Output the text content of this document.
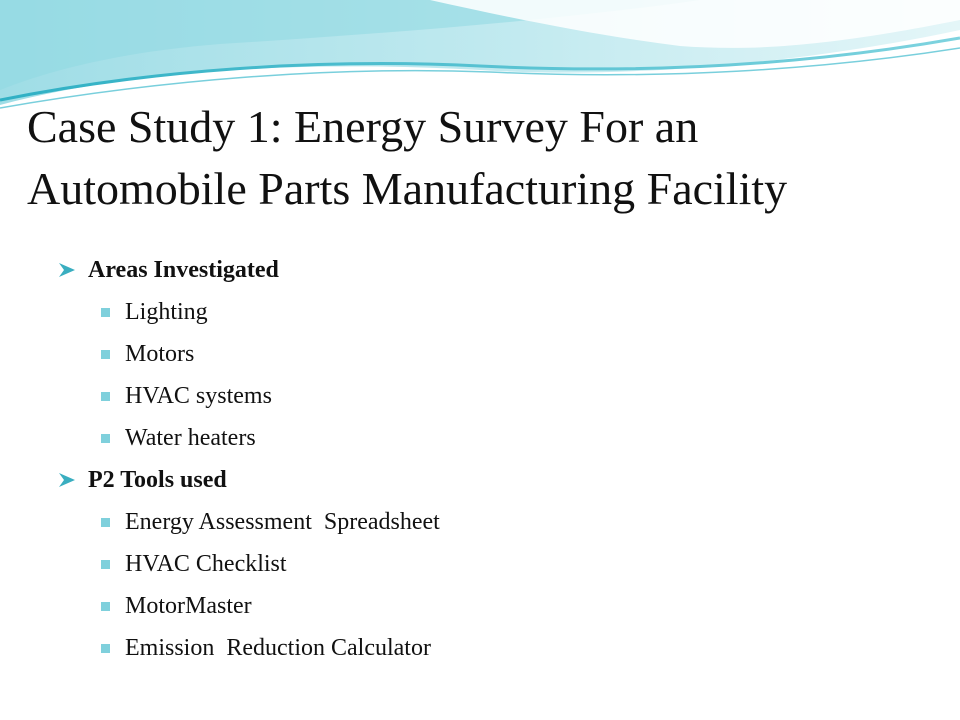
Case Study 1: Energy Survey For an
Automobile Parts Manufacturing Facility
Areas Investigated
Lighting
Motors
HVAC systems
Water heaters
P2 Tools used
Energy Assessment  Spreadsheet
HVAC Checklist
MotorMaster
Emission  Reduction Calculator
